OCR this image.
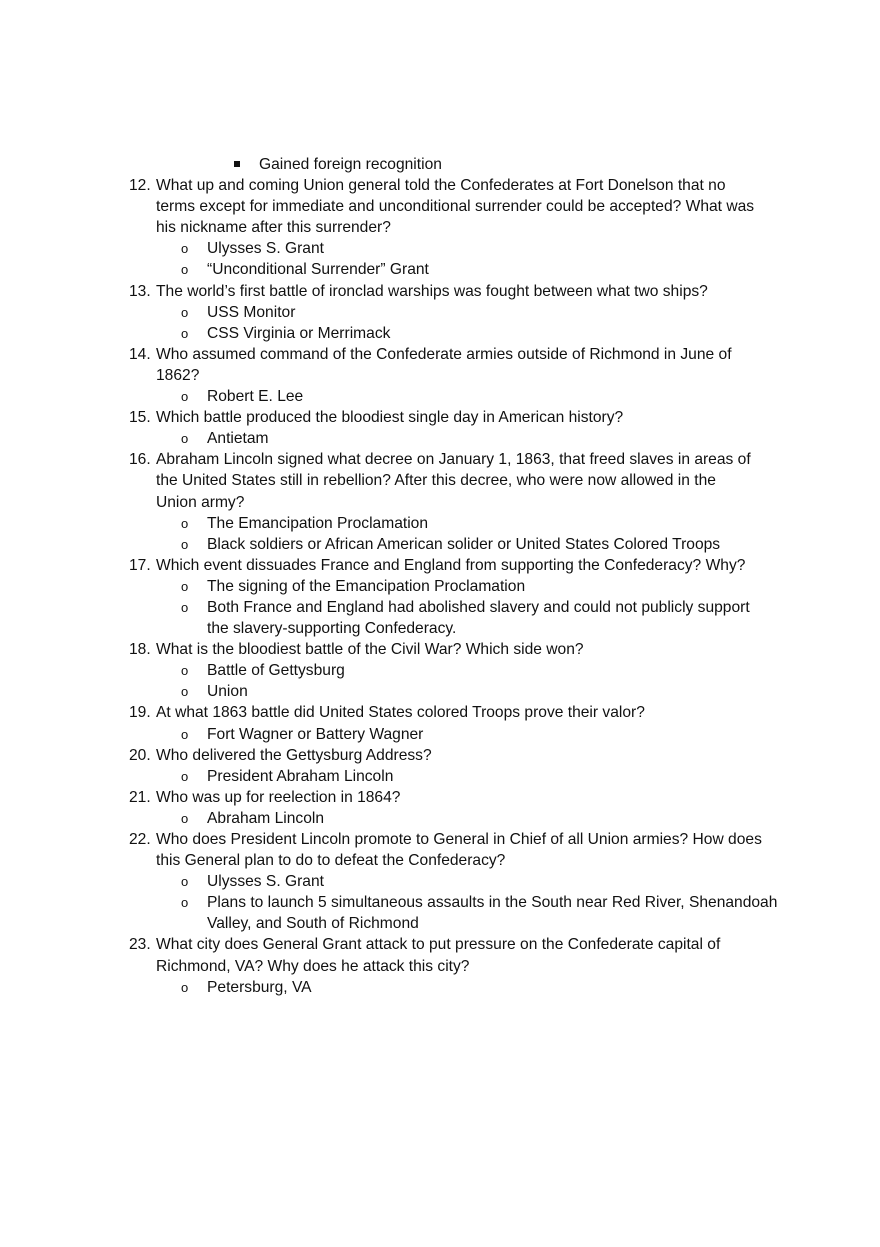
Gained foreign recognition
12. What up and coming Union general told the Confederates at Fort Donelson that no
terms except for immediate and unconditional surrender could be accepted? What was
his nickname after this surrender?
o Ulysses S. Grant
o “Unconditional Surrender” Grant
13. The world’s first battle of ironclad warships was fought between what two ships?
o USS Monitor
o CSS Virginia or Merrimack
14. Who assumed command of the Confederate armies outside of Richmond in June of
1862?
o Robert E. Lee
15. Which battle produced the bloodiest single day in American history?
o Antietam
16. Abraham Lincoln signed what decree on January 1, 1863, that freed slaves in areas of
the United States still in rebellion? After this decree, who were now allowed in the
Union army?
o The Emancipation Proclamation
o Black soldiers or African American solider or United States Colored Troops
17. Which event dissuades France and England from supporting the Confederacy? Why?
o The signing of the Emancipation Proclamation
o Both France and England had abolished slavery and could not publicly support
the slavery-supporting Confederacy.
18. What is the bloodiest battle of the Civil War? Which side won?
o Battle of Gettysburg
o Union
19. At what 1863 battle did United States colored Troops prove their valor?
o Fort Wagner or Battery Wagner
20. Who delivered the Gettysburg Address?
o President Abraham Lincoln
21. Who was up for reelection in 1864?
o Abraham Lincoln
22. Who does President Lincoln promote to General in Chief of all Union armies? How does
this General plan to do to defeat the Confederacy?
o Ulysses S. Grant
o Plans to launch 5 simultaneous assaults in the South near Red River, Shenandoah
Valley, and South of Richmond
23. What city does General Grant attack to put pressure on the Confederate capital of
Richmond, VA? Why does he attack this city?
o Petersburg, VA
